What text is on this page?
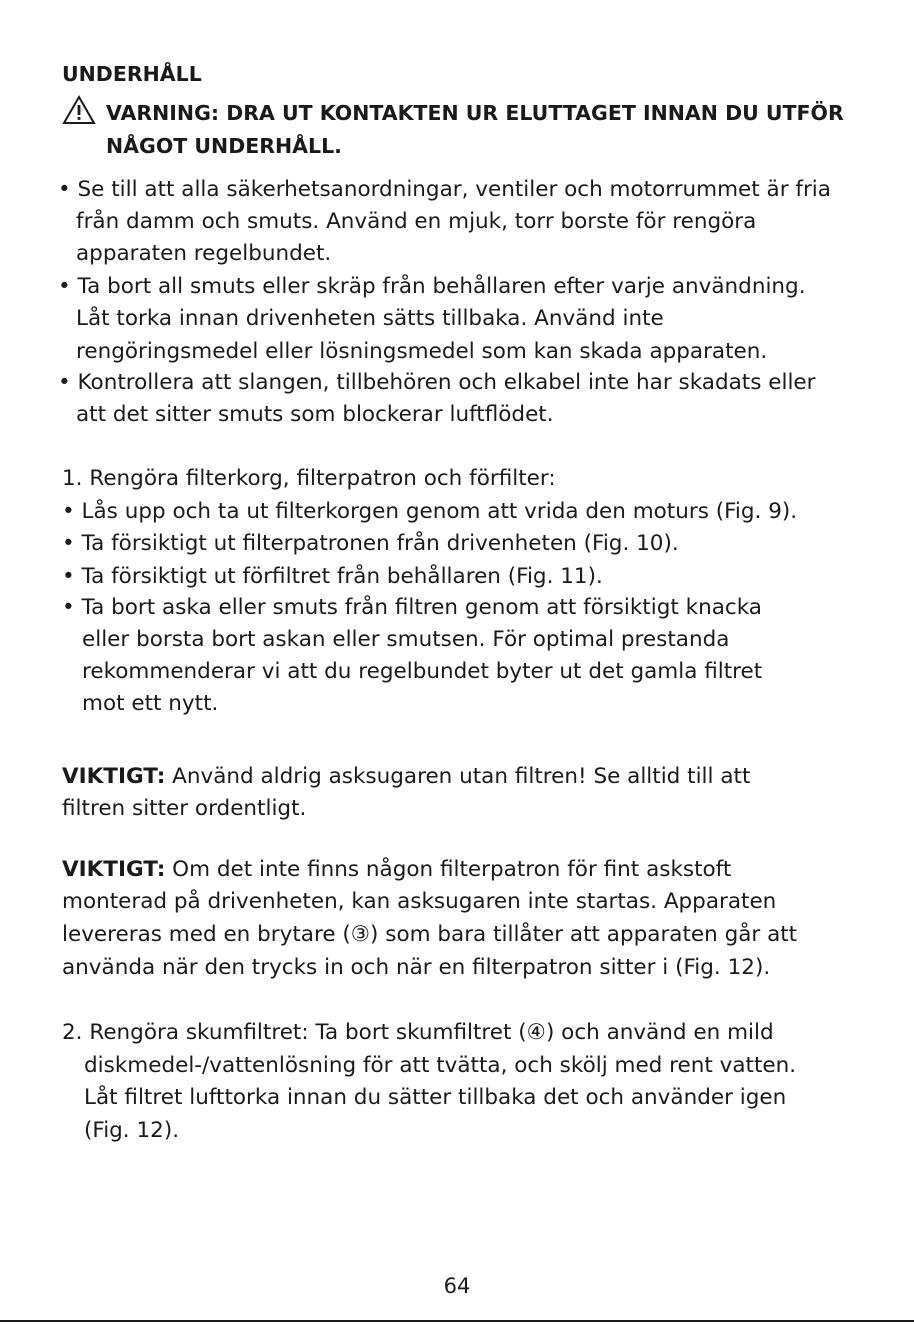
UNDERHÅLL
VARNING: DRA UT KONTAKTEN UR ELUTTAGET INNAN DU UTFÖR
NÅGOT UNDERHÅLL.
• Se till att alla säkerhetsanordningar, ventiler och motorrummet är fria
från damm och smuts. Använd en mjuk, torr borste för rengöra
apparaten regelbundet.
• Ta bort all smuts eller skräp från behållaren efter varje användning.
Låt torka innan drivenheten sätts tillbaka. Använd inte
rengöringsmedel eller lösningsmedel som kan skada apparaten.
• Kontrollera att slangen, tillbehören och elkabel inte har skadats eller
att det sitter smuts som blockerar luftflödet.
1. Rengöra filterkorg, filterpatron och förfilter:
• Lås upp och ta ut filterkorgen genom att vrida den moturs (Fig. 9).
• Ta försiktigt ut filterpatronen från drivenheten (Fig. 10).
• Ta försiktigt ut förfiltret från behållaren (Fig. 11).
• Ta bort aska eller smuts från filtren genom att försiktigt knacka
eller borsta bort askan eller smutsen. För optimal prestanda
rekommenderar vi att du regelbundet byter ut det gamla filtret
mot ett nytt.
VIKTIGT: Använd aldrig asksugaren utan filtren! Se alltid till att
filtren sitter ordentligt.
VIKTIGT: Om det inte finns någon filterpatron för fint askstoft
monterad på drivenheten, kan asksugaren inte startas. Apparaten
levereras med en brytare (③) som bara tillåter att apparaten går att
använda när den trycks in och när en filterpatron sitter i (Fig. 12).
2. Rengöra skumfiltret: Ta bort skumfiltret (④) och använd en mild
diskmedel-/vattenlösning för att tvätta, och skölj med rent vatten.
Låt filtret lufttorka innan du sätter tillbaka det och använder igen
(Fig. 12).
64
